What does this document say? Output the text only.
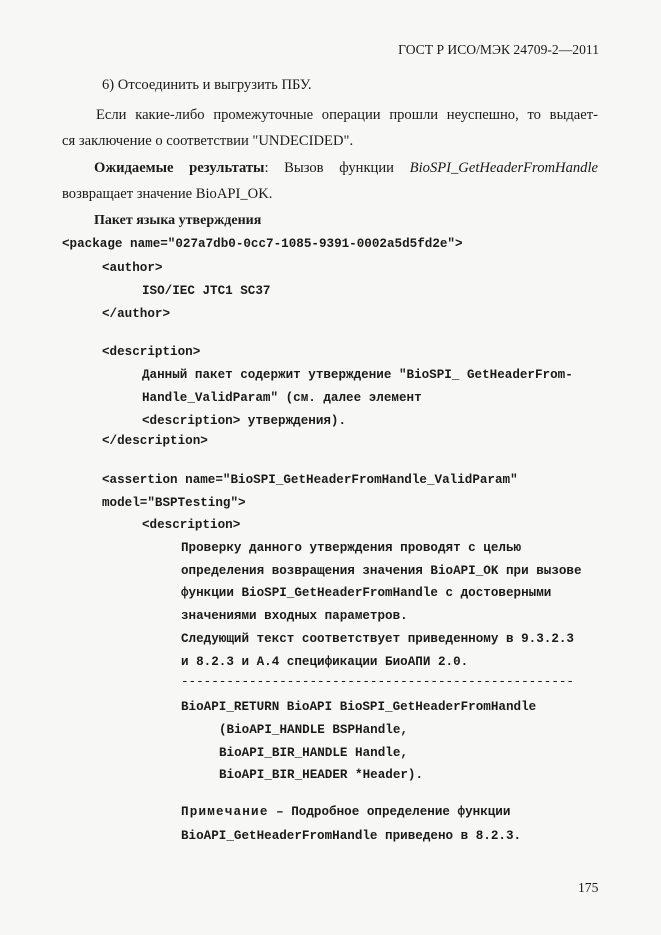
ГОСТ Р ИСО/МЭК 24709-2—2011
6) Отсоединить и выгрузить ПБУ.
Если какие-либо промежуточные операции прошли неуспешно, то выдает-
ся заключение о соответствии "UNDECIDED".
Ожидаемые результаты: Вызов функции BioSPI_GetHeaderFromHandle
возвращает значение BioAPI_OK.
Пакет языка утверждения
<package name="027a7db0-0cc7-1085-9391-0002a5d5fd2e">
<author>
ISO/IEC JTC1 SC37
</author>
<description>
Данный пакет содержит утверждение "BioSPI_ GetHeaderFrom-
Handle_ValidParam" (см. далее элемент
<description> утверждения).
</description>
<assertion name="BioSPI_GetHeaderFromHandle_ValidParam"
model="BSPTesting">
<description>
Проверку данного утверждения проводят с целью
определения возвращения значения BioAPI_OK при вызове
функции BioSPI_GetHeaderFromHandle с достоверными
значениями входных параметров.
Следующий текст соответствует приведенному в 9.3.2.3
и 8.2.3 и А.4 спецификации БиоАПИ 2.0.
----------------------------------------------------
BioAPI_RETURN BioAPI BioSPI_GetHeaderFromHandle
(BioAPI_HANDLE BSPHandle,
BioAPI_BIR_HANDLE Handle,
BioAPI_BIR_HEADER *Header).
Примечание – Подробное определение функции
BioAPI_GetHeaderFromHandle приведено в 8.2.3.
175
